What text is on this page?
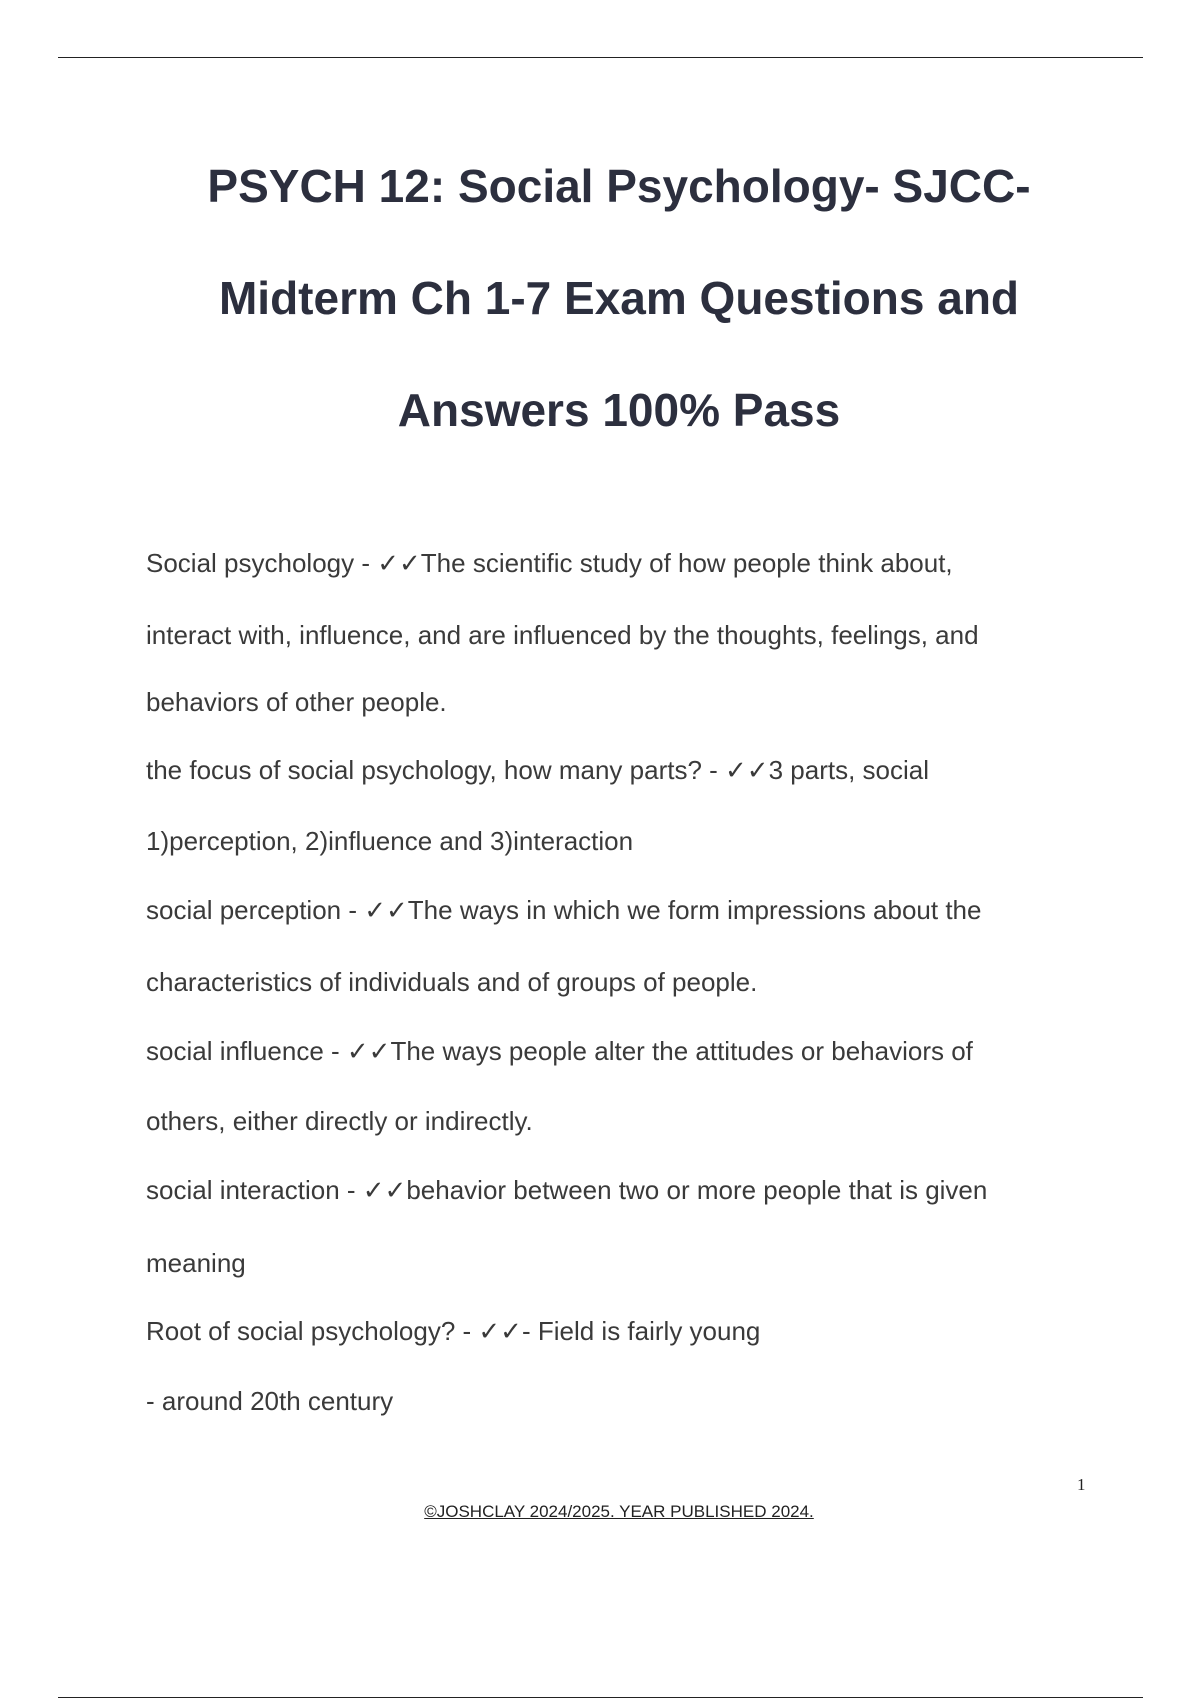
PSYCH 12: Social Psychology- SJCC-
Midterm Ch 1-7 Exam Questions and
Answers 100% Pass
Social psychology - ✓✓The scientific study of how people think about,
interact with, influence, and are influenced by the thoughts, feelings, and
behaviors of other people.
the focus of social psychology, how many parts? - ✓✓3 parts, social
1)perception, 2)influence and 3)interaction
social perception - ✓✓The ways in which we form impressions about the
characteristics of individuals and of groups of people.
social influence - ✓✓The ways people alter the attitudes or behaviors of
others, either directly or indirectly.
social interaction - ✓✓behavior between two or more people that is given
meaning
Root of social psychology? - ✓✓- Field is fairly young
- around 20th century
1
©JOSHCLAY 2024/2025. YEAR PUBLISHED 2024.
